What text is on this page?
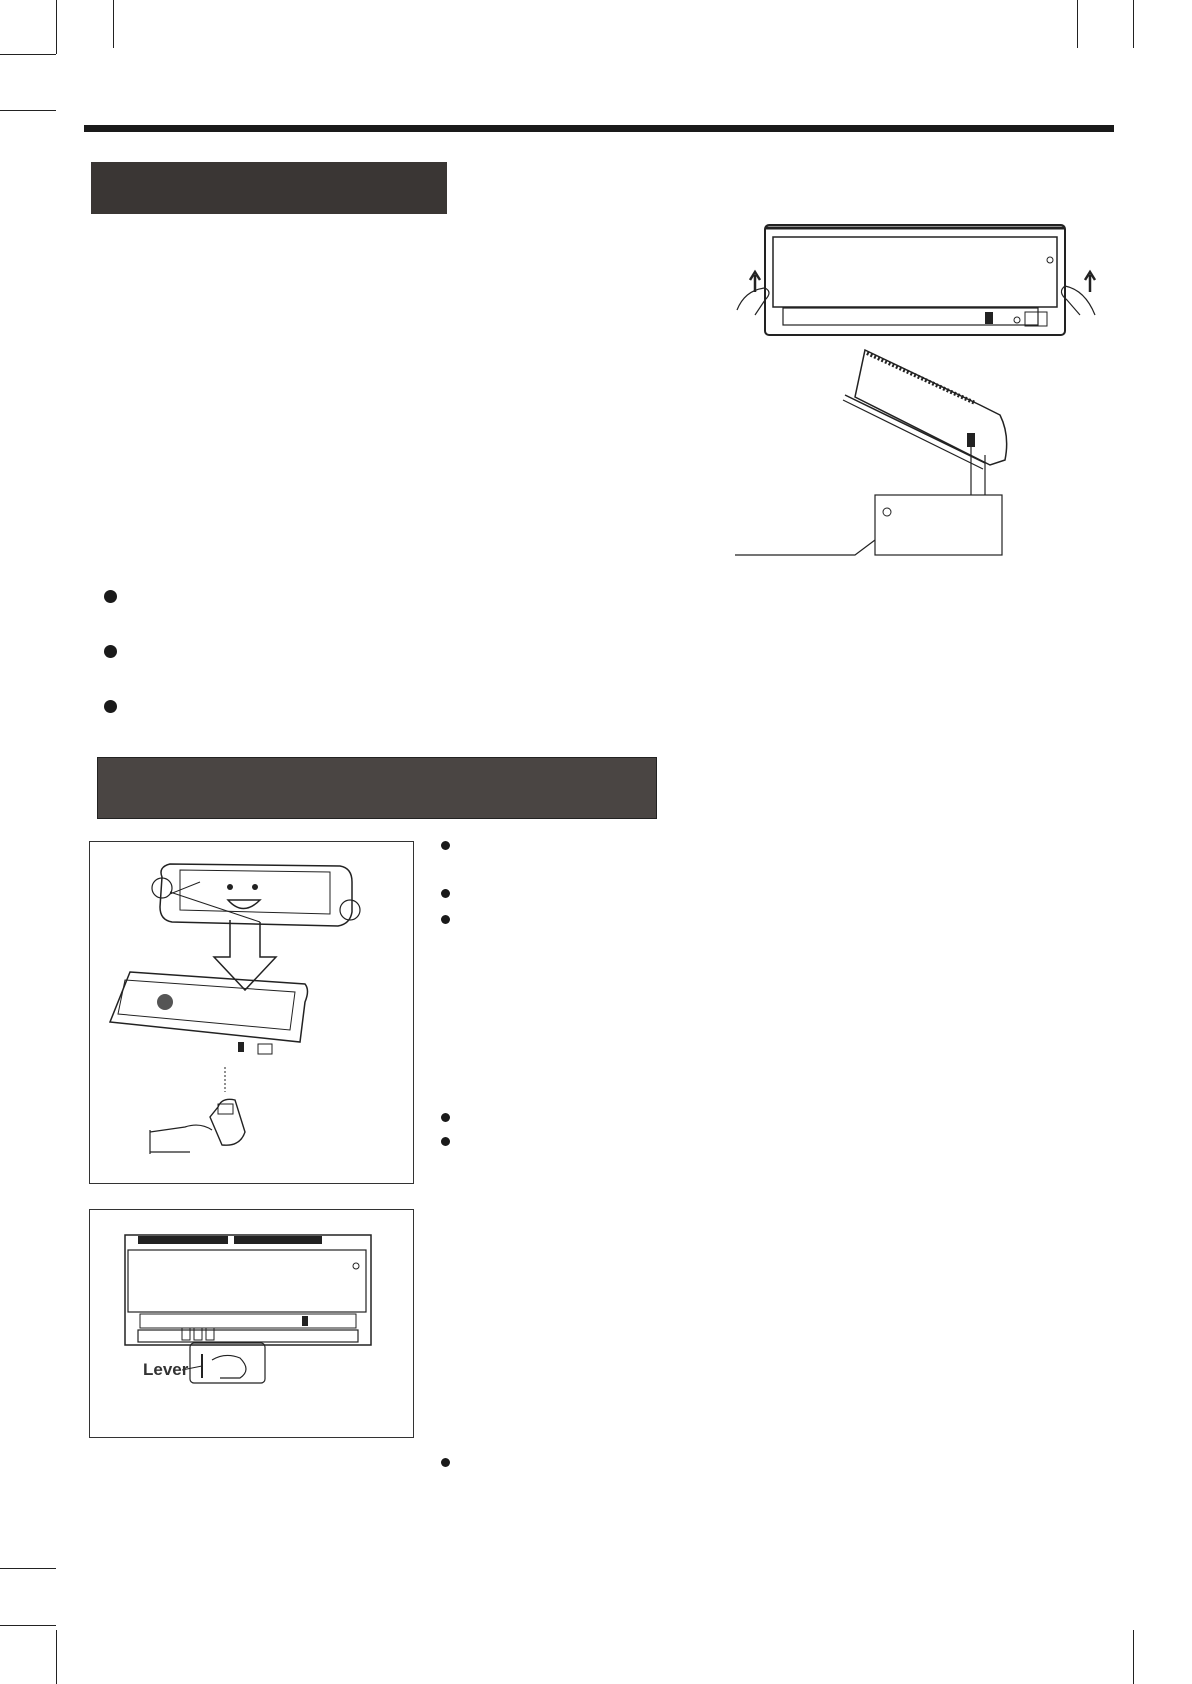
Lever
